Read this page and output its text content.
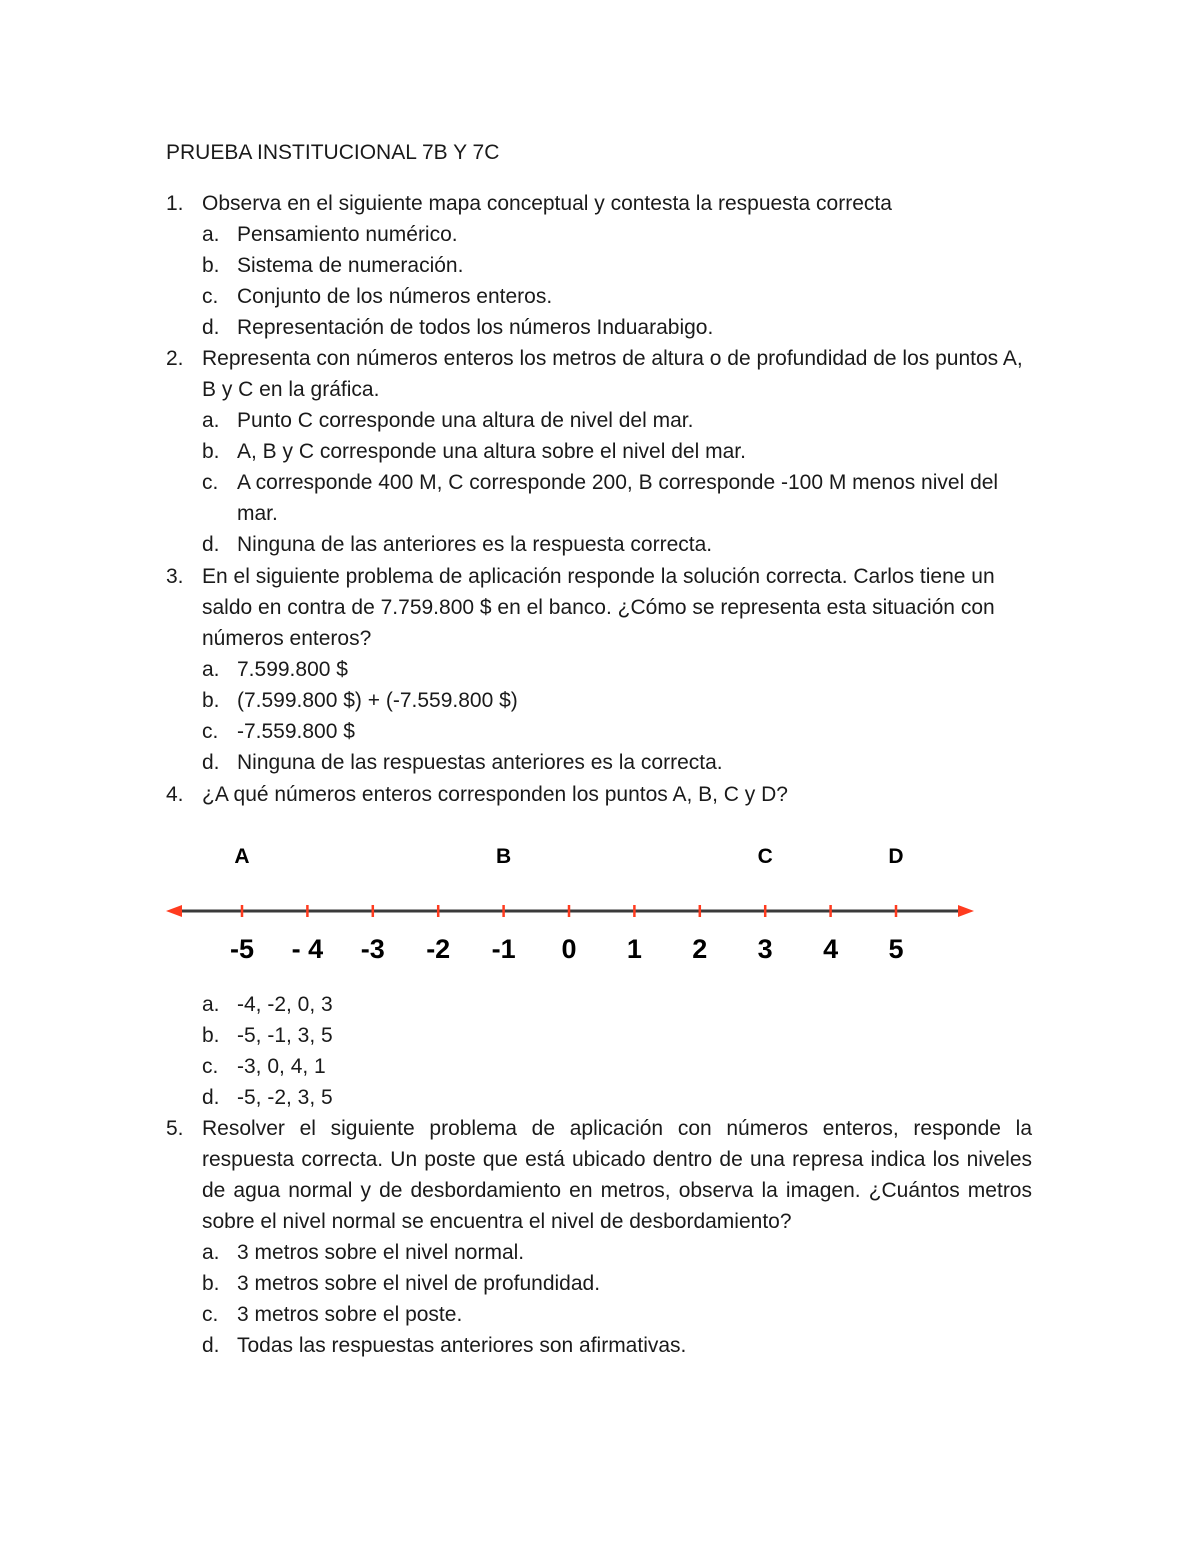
PRUEBA INSTITUCIONAL 7B Y 7C
1. Observa en el siguiente mapa conceptual y contesta la respuesta correcta
a. Pensamiento numérico.
b. Sistema de numeración.
c. Conjunto de los números enteros.
d. Representación de todos los números Induarabigo.
2. Representa con números enteros los metros de altura o de profundidad de los puntos A, B y C en la gráfica.
a. Punto C corresponde una altura de nivel del mar.
b. A, B y C corresponde una altura sobre el nivel del mar.
c. A corresponde 400 M, C corresponde 200, B corresponde -100 M menos nivel del mar.
d. Ninguna de las anteriores es la respuesta correcta.
3. En el siguiente problema de aplicación responde la solución correcta. Carlos tiene un saldo en contra de 7.759.800 $ en el banco. ¿Cómo se representa esta situación con números enteros?
a. 7.599.800 $
b. (7.599.800 $) + (-7.559.800 $)
c. -7.559.800 $
d. Ninguna de las respuestas anteriores es la correcta.
4. ¿A qué números enteros corresponden los puntos A, B, C y D?
-5 - 4 -3 -2 -1 0 1 2 3 4 5
A	B	C	D
a. -4, -2, 0, 3
b. -5, -1, 3, 5
c. -3, 0, 4, 1
d. -5, -2, 3, 5
5. Resolver el siguiente problema de aplicación con números enteros, responde la respuesta correcta. Un poste que está ubicado dentro de una represa indica los niveles de agua normal y de desbordamiento en metros, observa la imagen. ¿Cuántos metros sobre el nivel normal se encuentra el nivel de desbordamiento?
a. 3 metros sobre el nivel normal.
b. 3 metros sobre el nivel de profundidad.
c. 3 metros sobre el poste.
d. Todas las respuestas anteriores son afirmativas.
